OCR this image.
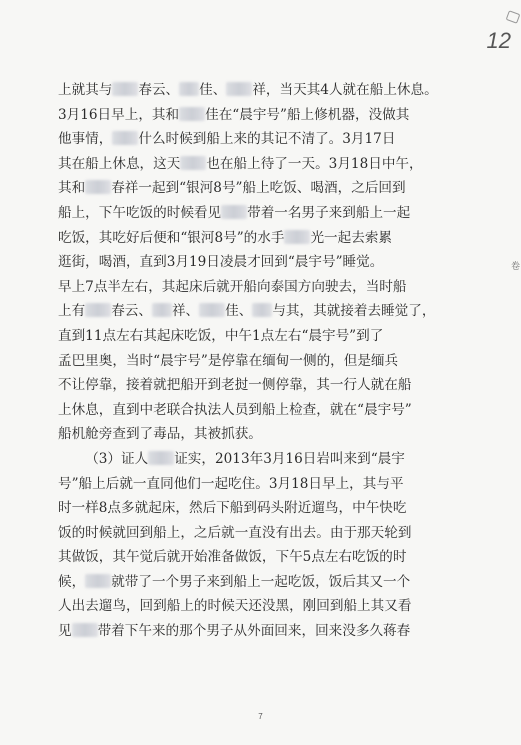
12
卷

上就其与 春云、 佳、 祥，当天其4人就在船上休息。

3月16日早上，其和 佳在“晨宇号”船上修机器，没做其

他事情， 什么时候到船上来的其记不清了。3月17日

其在船上休息，这天 也在船上待了一天。3月18日中午，

其和 春祥一起到“银河8号”船上吃饭、喝酒，之后回到

船上，下午吃饭的时候看见 带着一名男子来到船上一起

吃饭，其吃好后便和“银河8号”的水手 光一起去索累

逛街，喝酒，直到3月19日凌晨才回到“晨宇号”睡觉。

早上7点半左右，其起床后就开船向泰国方向驶去，当时船

上有 春云、 祥、 佳、 与其，其就接着去睡觉了，

直到11点左右其起床吃饭，中午1点左右“晨宇号”到了

孟巴里奥，当时“晨宇号”是停靠在缅甸一侧的，但是缅兵

不让停靠，接着就把船开到老挝一侧停靠，其一行人就在船

上休息，直到中老联合执法人员到船上检查，就在“晨宇号”

船机舱旁查到了毒品，其被抓获。

（3）证人 证实，2013年3月16日岩叫来到“晨宇

号”船上后就一直同他们一起吃住。3月18日早上，其与平

时一样8点多就起床，然后下船到码头附近遛鸟，中午快吃

饭的时候就回到船上，之后就一直没有出去。由于那天轮到

其做饭，其午觉后就开始准备做饭，下午5点左右吃饭的时

候， 就带了一个男子来到船上一起吃饭，饭后其又一个

人出去遛鸟，回到船上的时候天还没黑，刚回到船上其又看

见 带着下午来的那个男子从外面回来，回来没多久蒋春

7
